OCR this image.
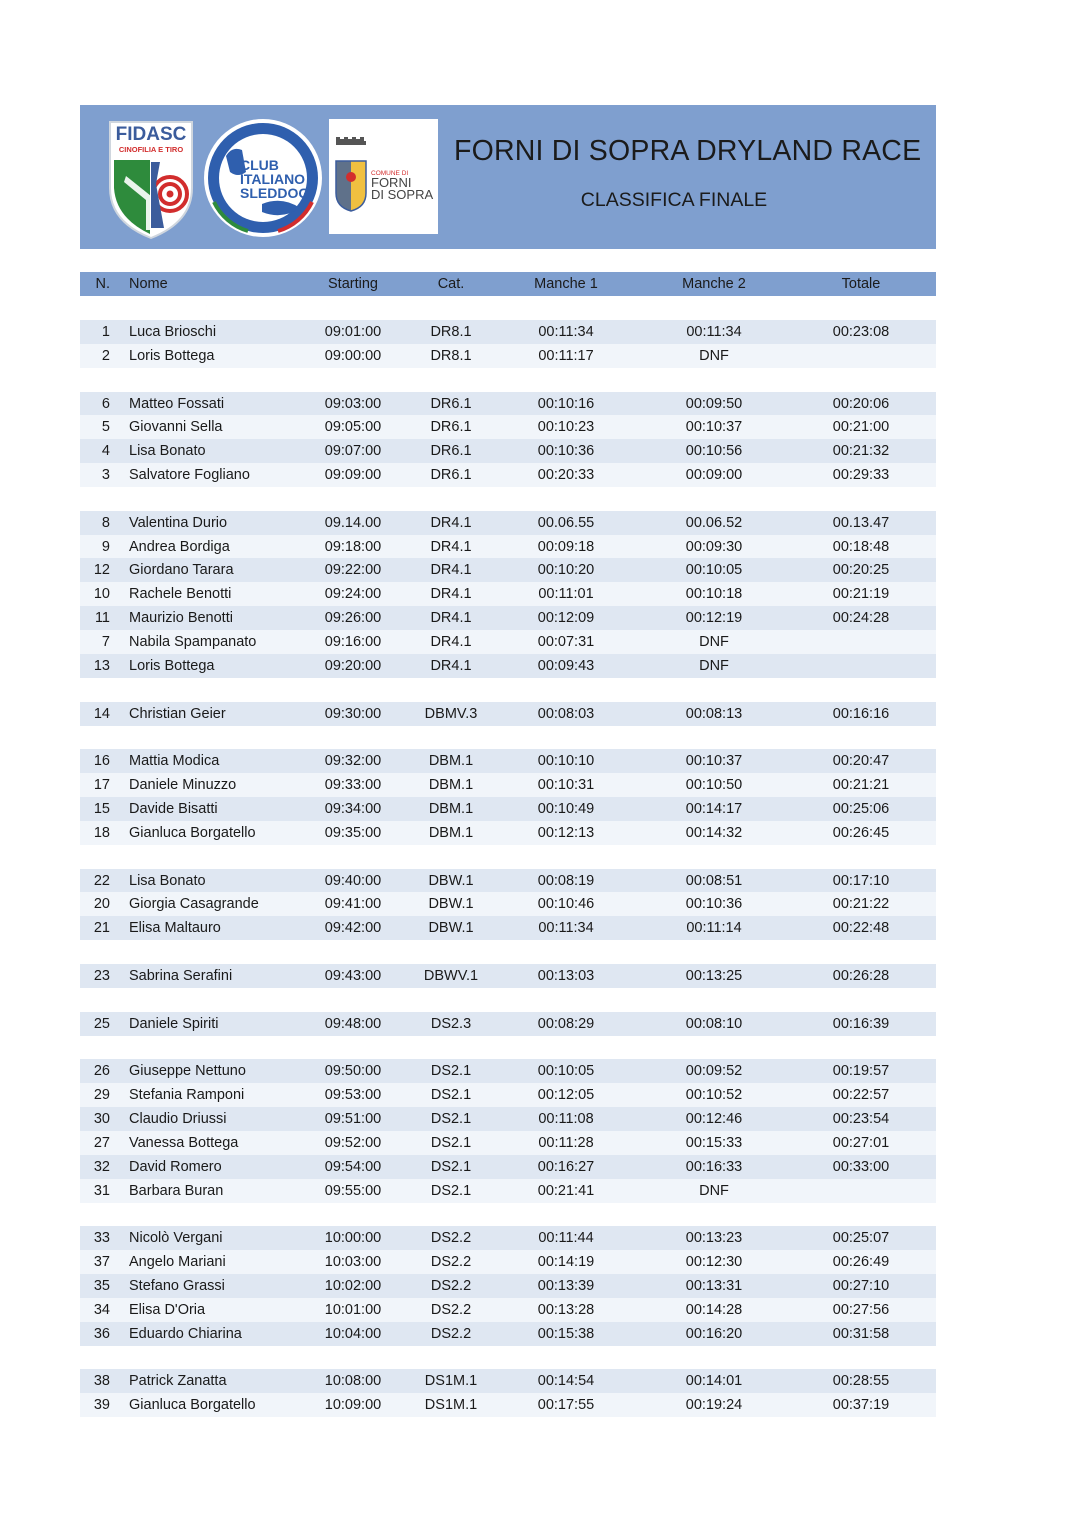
FIDASC
CINOFILIA E TIRO
CLUB
ITALIANO
SLEDDOG
COMUNE DI
FORNI
DI SOPRA
FORNI DI SOPRA DRYLAND RACE
CLASSIFICA FINALE
N. Nome	Starting	Cat.	Manche 1	Manche 2	Totale
1 Luca Brioschi	09:01:00	DR8.1	00:11:34	00:11:34	00:23:08
2 Loris Bottega	09:00:00	DR8.1	00:11:17	DNF
6 Matteo Fossati	09:03:00	DR6.1	00:10:16	00:09:50	00:20:06
5 Giovanni Sella	09:05:00	DR6.1	00:10:23	00:10:37	00:21:00
4 Lisa Bonato	09:07:00	DR6.1	00:10:36	00:10:56	00:21:32
3 Salvatore Fogliano	09:09:00	DR6.1	00:20:33	00:09:00	00:29:33
8 Valentina Durio	09.14.00	DR4.1	00.06.55	00.06.52	00.13.47
9 Andrea Bordiga	09:18:00	DR4.1	00:09:18	00:09:30	00:18:48
12 Giordano Tarara	09:22:00	DR4.1	00:10:20	00:10:05	00:20:25
10 Rachele Benotti	09:24:00	DR4.1	00:11:01	00:10:18	00:21:19
11 Maurizio Benotti	09:26:00	DR4.1	00:12:09	00:12:19	00:24:28
7 Nabila Spampanato	09:16:00	DR4.1	00:07:31	DNF
13 Loris Bottega	09:20:00	DR4.1	00:09:43	DNF
14 Christian Geier	09:30:00	DBMV.3	00:08:03	00:08:13	00:16:16
16 Mattia Modica	09:32:00	DBM.1	00:10:10	00:10:37	00:20:47
17 Daniele Minuzzo	09:33:00	DBM.1	00:10:31	00:10:50	00:21:21
15 Davide Bisatti	09:34:00	DBM.1	00:10:49	00:14:17	00:25:06
18 Gianluca Borgatello	09:35:00	DBM.1	00:12:13	00:14:32	00:26:45
22 Lisa Bonato	09:40:00	DBW.1	00:08:19	00:08:51	00:17:10
20 Giorgia Casagrande	09:41:00	DBW.1	00:10:46	00:10:36	00:21:22
21 Elisa Maltauro	09:42:00	DBW.1	00:11:34	00:11:14	00:22:48
23 Sabrina Serafini	09:43:00	DBWV.1	00:13:03	00:13:25	00:26:28
25 Daniele Spiriti	09:48:00	DS2.3	00:08:29	00:08:10	00:16:39
26 Giuseppe Nettuno	09:50:00	DS2.1	00:10:05	00:09:52	00:19:57
29 Stefania Ramponi	09:53:00	DS2.1	00:12:05	00:10:52	00:22:57
30 Claudio Driussi	09:51:00	DS2.1	00:11:08	00:12:46	00:23:54
27 Vanessa Bottega	09:52:00	DS2.1	00:11:28	00:15:33	00:27:01
32 David Romero	09:54:00	DS2.1	00:16:27	00:16:33	00:33:00
31 Barbara Buran	09:55:00	DS2.1	00:21:41	DNF
33 Nicolò Vergani	10:00:00	DS2.2	00:11:44	00:13:23	00:25:07
37 Angelo Mariani	10:03:00	DS2.2	00:14:19	00:12:30	00:26:49
35 Stefano Grassi	10:02:00	DS2.2	00:13:39	00:13:31	00:27:10
34 Elisa D'Oria	10:01:00	DS2.2	00:13:28	00:14:28	00:27:56
36 Eduardo Chiarina	10:04:00	DS2.2	00:15:38	00:16:20	00:31:58
38 Patrick Zanatta	10:08:00	DS1M.1	00:14:54	00:14:01	00:28:55
39 Gianluca Borgatello	10:09:00	DS1M.1	00:17:55	00:19:24	00:37:19
